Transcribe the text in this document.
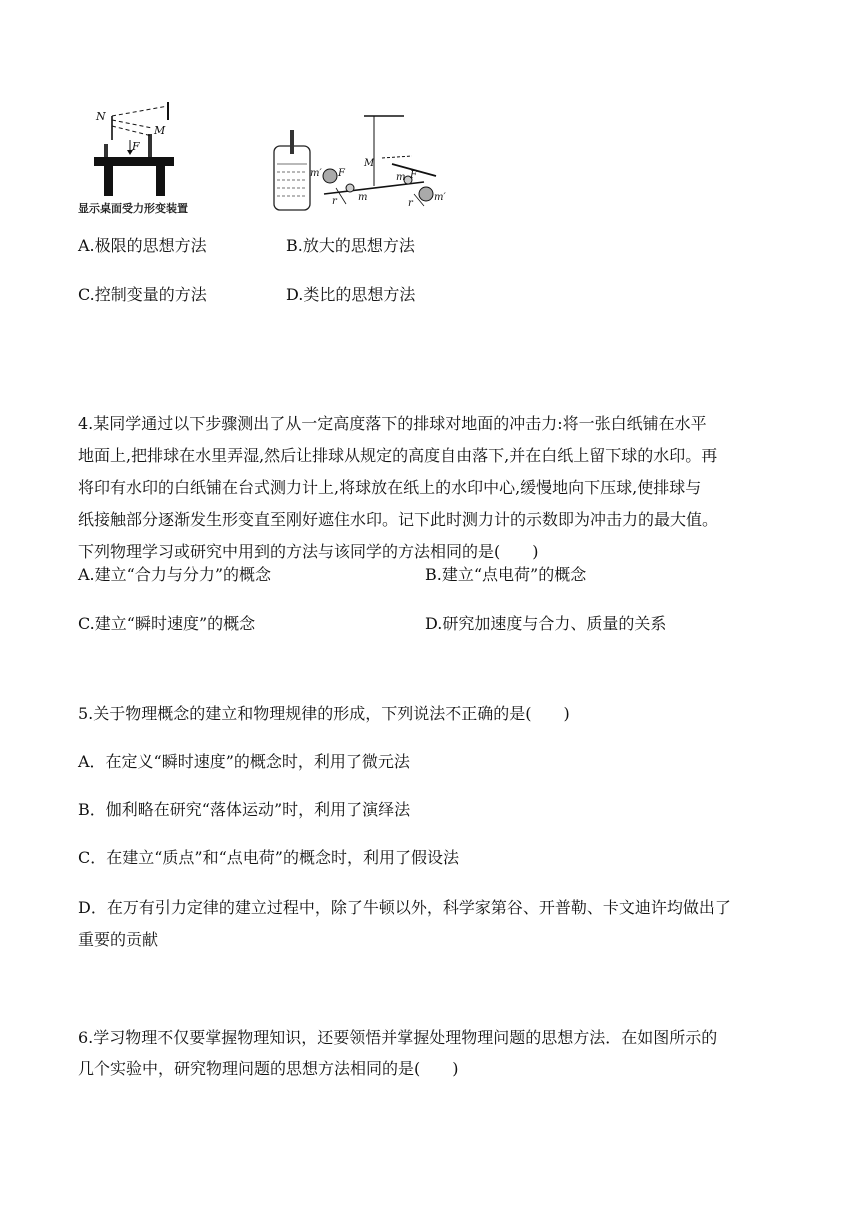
N
M
F
m′ F
r m
M
m F
r
m′
显示桌面受力形变装置
A.极限的思想方法	B.放大的思想方法
C.控制变量的方法	D.类比的思想方法
4.某同学通过以下步骤测出了从一定高度落下的排球对地面的冲击力:将一张白纸铺在水平
地面上,把排球在水里弄湿,然后让排球从规定的高度自由落下,并在白纸上留下球的水印。再
将印有水印的白纸铺在台式测力计上,将球放在纸上的水印中心,缓慢地向下压球,使排球与
纸接触部分逐渐发生形变直至刚好遮住水印。记下此时测力计的示数即为冲击力的最大值。
下列物理学习或研究中用到的方法与该同学的方法相同的是(　　)
A.建立“合力与分力”的概念	B.建立“点电荷”的概念
C.建立“瞬时速度”的概念	D.研究加速度与合力、质量的关系
5.关于物理概念的建立和物理规律的形成，下列说法不正确的是(　　)
A．在定义“瞬时速度”的概念时，利用了微元法
B．伽利略在研究“落体运动”时，利用了演绎法
C．在建立“质点”和“点电荷”的概念时，利用了假设法
D．在万有引力定律的建立过程中，除了牛顿以外，科学家第谷、开普勒、卡文迪许均做出了
重要的贡献
6.学习物理不仅要掌握物理知识，还要领悟并掌握处理物理问题的思想方法．在如图所示的
几个实验中，研究物理问题的思想方法相同的是(　　)
